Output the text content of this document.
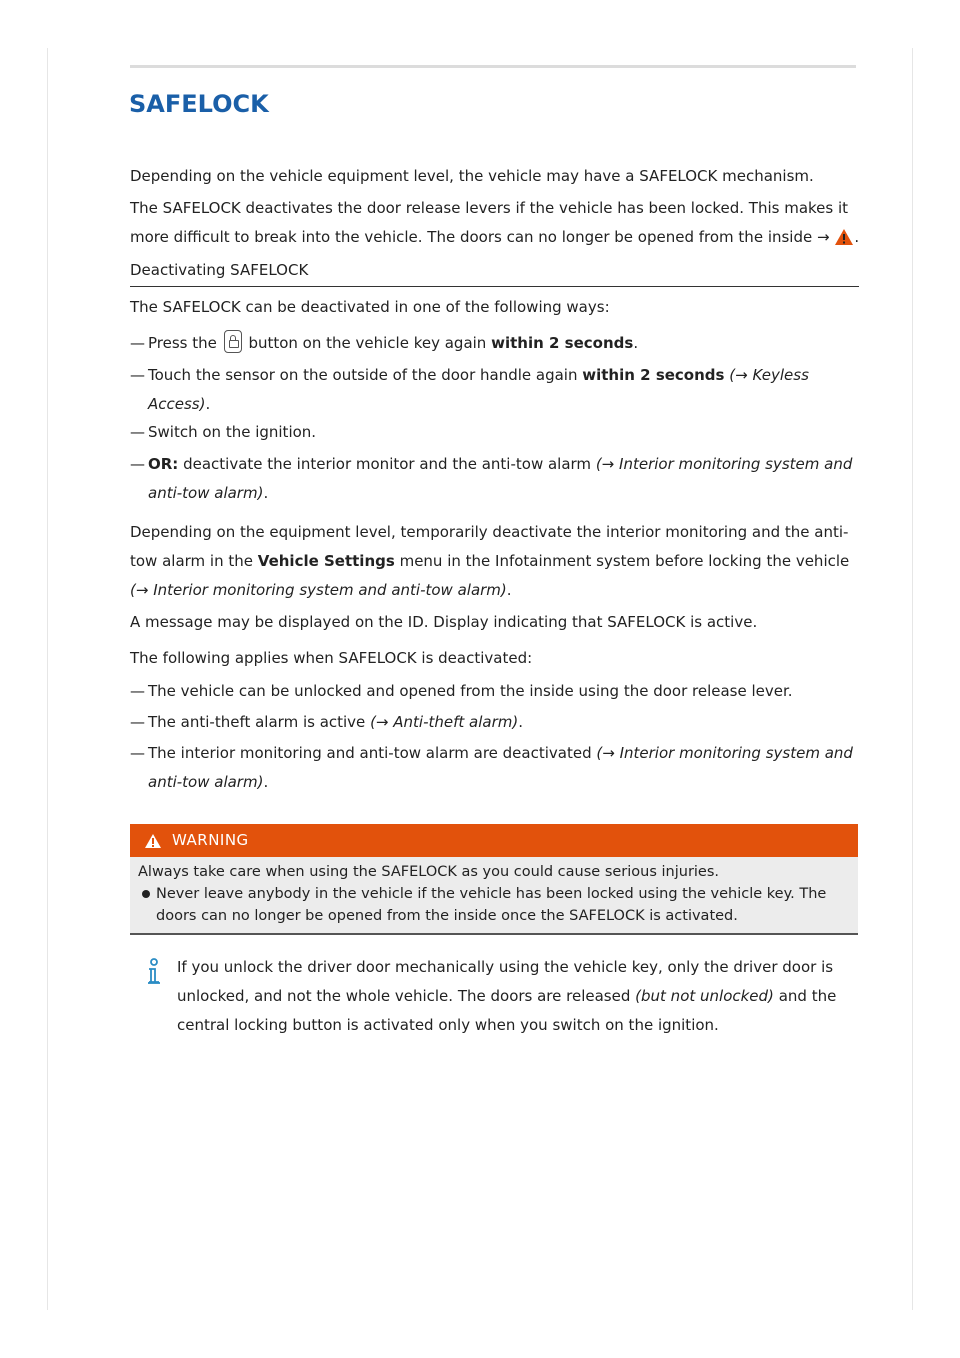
SAFELOCK

Depending on the vehicle equipment level, the vehicle may have a SAFELOCK mechanism.

The SAFELOCK deactivates the door release levers if the vehicle has been locked. This makes it more difficult to break into the vehicle. The doors can no longer be opened from the inside → .

Deactivating SAFELOCK
The SAFELOCK can be deactivated in one of the following ways:
— Press the button on the vehicle key again within 2 seconds.
— Touch the sensor on the outside of the door handle again within 2 seconds (→ Keyless Access).
— Switch on the ignition.
— OR: deactivate the interior monitor and the anti-tow alarm (→ Interior monitoring system and anti-tow alarm).
Depending on the equipment level, temporarily deactivate the interior monitoring and the anti-tow alarm in the Vehicle Settings menu in the Infotainment system before locking the vehicle (→ Interior monitoring system and anti-tow alarm).
A message may be displayed on the ID. Display indicating that SAFELOCK is active.
The following applies when SAFELOCK is deactivated:
— The vehicle can be unlocked and opened from the inside using the door release lever.
— The anti-theft alarm is active (→ Anti-theft alarm).
— The interior monitoring and anti-tow alarm are deactivated (→ Interior monitoring system and anti-tow alarm).
WARNING
Always take care when using the SAFELOCK as you could cause serious injuries.
Never leave anybody in the vehicle if the vehicle has been locked using the vehicle key. The doors can no longer be opened from the inside once the SAFELOCK is activated.
If you unlock the driver door mechanically using the vehicle key, only the driver door is unlocked, and not the whole vehicle. The doors are released (but not unlocked) and the central locking button is activated only when you switch on the ignition.
